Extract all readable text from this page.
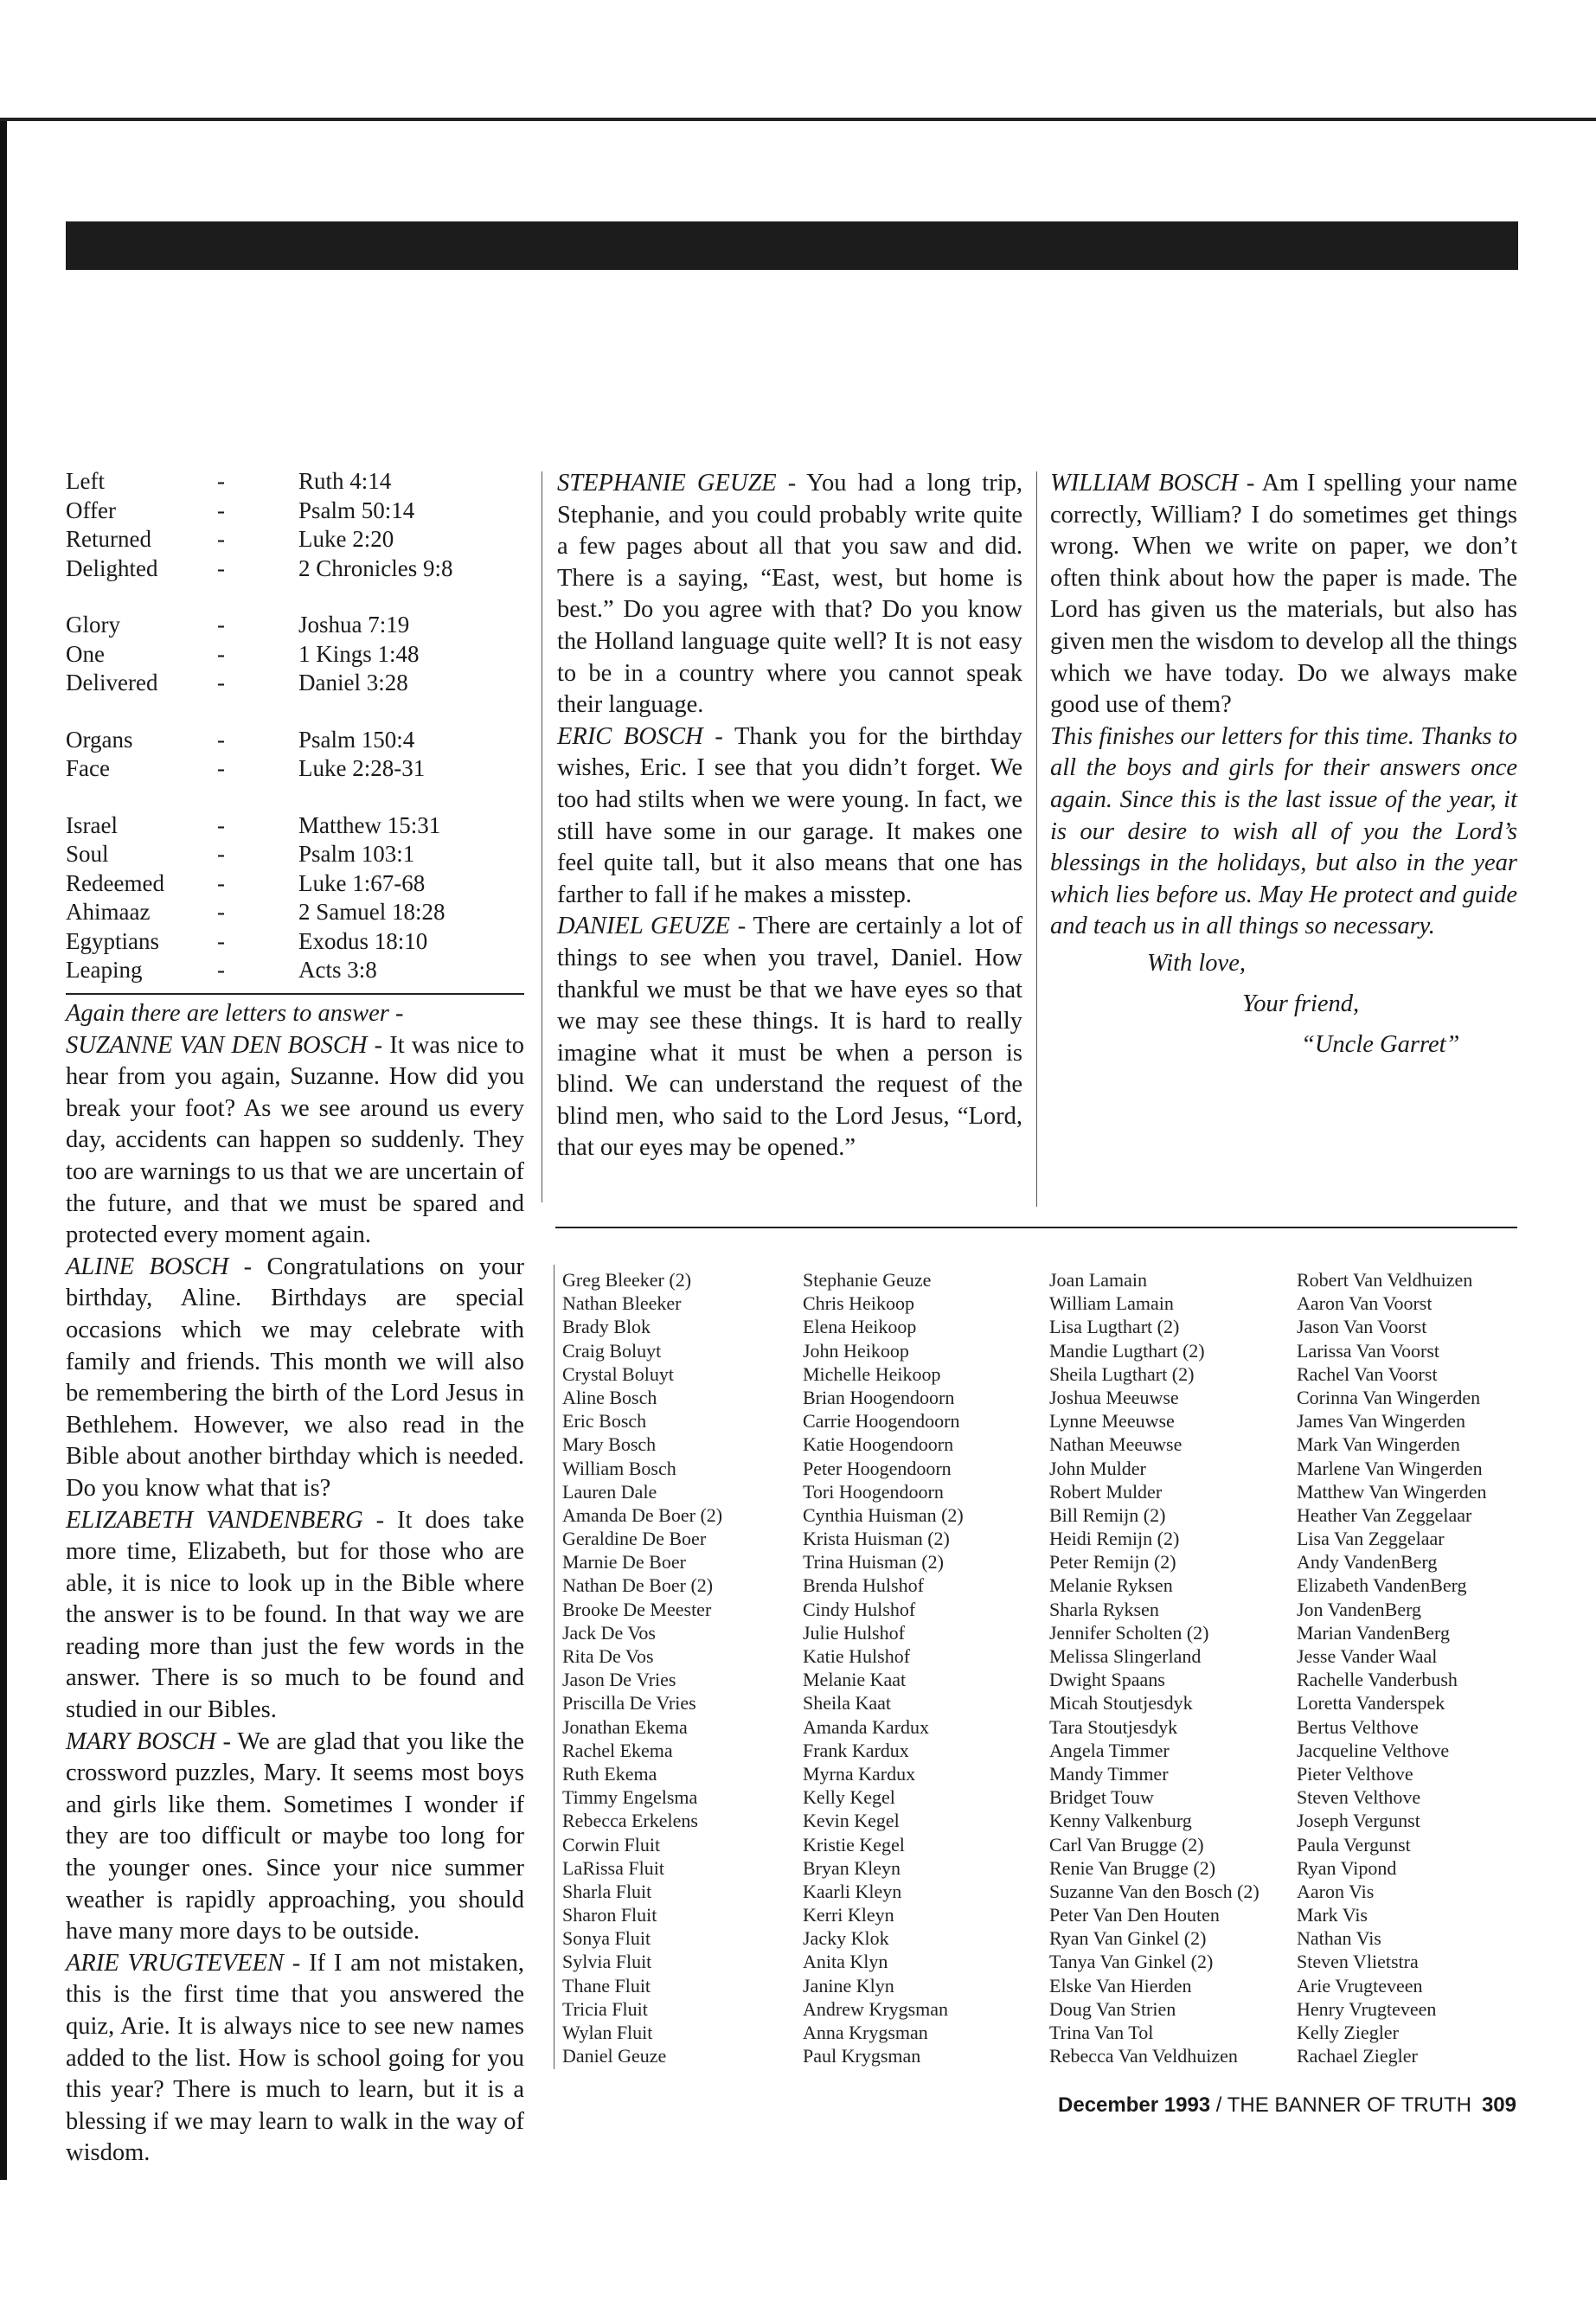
Left	-	Ruth 4:14
Offer	-	Psalm 50:14
Returned	-	Luke 2:20
Delighted	-	2 Chronicles 9:8
Glory	-	Joshua 7:19
One	-	1 Kings 1:48
Delivered	-	Daniel 3:28
Organs	-	Psalm 150:4
Face	-	Luke 2:28-31
Israel	-	Matthew 15:31
Soul	-	Psalm 103:1
Redeemed	-	Luke 1:67-68
Ahimaaz	-	2 Samuel 18:28
Egyptians	-	Exodus 18:10
Leaping	-	Acts 3:8

Again there are letters to answer -

SUZANNE VAN DEN BOSCH - It was nice to hear from you again, Suzanne. How did you break your foot? As we see around us every day, accidents can happen so suddenly. They too are warnings to us that we are uncertain of the future, and that we must be spared and protected every moment again.

ALINE BOSCH - Congratulations on your birthday, Aline. Birthdays are special occasions which we may celebrate with family and friends. This month we will also be remembering the birth of the Lord Jesus in Bethlehem. However, we also read in the Bible about another birthday which is needed. Do you know what that is?

ELIZABETH VANDENBERG - It does take more time, Elizabeth, but for those who are able, it is nice to look up in the Bible where the answer is to be found. In that way we are reading more than just the few words in the answer. There is so much to be found and studied in our Bibles.

MARY BOSCH - We are glad that you like the crossword puzzles, Mary. It seems most boys and girls like them. Sometimes I wonder if they are too difficult or maybe too long for the younger ones. Since your nice summer weather is rapidly approaching, you should have many more days to be outside.

ARIE VRUGTEVEEN - If I am not mistaken, this is the first time that you answered the quiz, Arie. It is always nice to see new names added to the list. How is school going for you this year? There is much to learn, but it is a blessing if we may learn to walk in the way of wisdom.

STEPHANIE GEUZE - You had a long trip, Stephanie, and you could probably write quite a few pages about all that you saw and did. There is a saying, “East, west, but home is best.” Do you agree with that? Do you know the Holland language quite well? It is not easy to be in a country where you cannot speak their language.

ERIC BOSCH - Thank you for the birthday wishes, Eric. I see that you didn’t forget. We too had stilts when we were young. In fact, we still have some in our garage. It makes one feel quite tall, but it also means that one has farther to fall if he makes a misstep.

DANIEL GEUZE - There are certainly a lot of things to see when you travel, Daniel. How thankful we must be that we have eyes so that we may see these things. It is hard to really imagine what it must be when a person is blind. We can understand the request of the blind men, who said to the Lord Jesus, “Lord, that our eyes may be opened.”

WILLIAM BOSCH - Am I spelling your name correctly, William? I do sometimes get things wrong. When we write on paper, we don’t often think about how the paper is made. The Lord has given us the materials, but also has given men the wisdom to develop all the things which we have today. Do we always make good use of them?

This finishes our letters for this time. Thanks to all the boys and girls for their answers once again. Since this is the last issue of the year, it is our desire to wish all of you the Lord’s blessings in the holidays, but also in the year which lies before us. May He protect and guide and teach us in all things so necessary.

With love,
Your friend,
“Uncle Garret”
Greg Bleeker (2)
Nathan Bleeker
Brady Blok
Craig Boluyt
Crystal Boluyt
Aline Bosch
Eric Bosch
Mary Bosch
William Bosch
Lauren Dale
Amanda De Boer (2)
Geraldine De Boer
Marnie De Boer
Nathan De Boer (2)
Brooke De Meester
Jack De Vos
Rita De Vos
Jason De Vries
Priscilla De Vries
Jonathan Ekema
Rachel Ekema
Ruth Ekema
Timmy Engelsma
Rebecca Erkelens
Corwin Fluit
LaRissa Fluit
Sharla Fluit
Sharon Fluit
Sonya Fluit
Sylvia Fluit
Thane Fluit
Tricia Fluit
Wylan Fluit
Daniel Geuze
Stephanie Geuze
Chris Heikoop
Elena Heikoop
John Heikoop
Michelle Heikoop
Brian Hoogendoorn
Carrie Hoogendoorn
Katie Hoogendoorn
Peter Hoogendoorn
Tori Hoogendoorn
Cynthia Huisman (2)
Krista Huisman (2)
Trina Huisman (2)
Brenda Hulshof
Cindy Hulshof
Julie Hulshof
Katie Hulshof
Melanie Kaat
Sheila Kaat
Amanda Kardux
Frank Kardux
Myrna Kardux
Kelly Kegel
Kevin Kegel
Kristie Kegel
Bryan Kleyn
Kaarli Kleyn
Kerri Kleyn
Jacky Klok
Anita Klyn
Janine Klyn
Andrew Krygsman
Anna Krygsman
Paul Krygsman
Joan Lamain
William Lamain
Lisa Lugthart (2)
Mandie Lugthart (2)
Sheila Lugthart (2)
Joshua Meeuwse
Lynne Meeuwse
Nathan Meeuwse
John Mulder
Robert Mulder
Bill Remijn (2)
Heidi Remijn (2)
Peter Remijn (2)
Melanie Ryksen
Sharla Ryksen
Jennifer Scholten (2)
Melissa Slingerland
Dwight Spaans
Micah Stoutjesdyk
Tara Stoutjesdyk
Angela Timmer
Mandy Timmer
Bridget Touw
Kenny Valkenburg
Carl Van Brugge (2)
Renie Van Brugge (2)
Suzanne Van den Bosch (2)
Peter Van Den Houten
Ryan Van Ginkel (2)
Tanya Van Ginkel (2)
Elske Van Hierden
Doug Van Strien
Trina Van Tol
Rebecca Van Veldhuizen
Robert Van Veldhuizen
Aaron Van Voorst
Jason Van Voorst
Larissa Van Voorst
Rachel Van Voorst
Corinna Van Wingerden
James Van Wingerden
Mark Van Wingerden
Marlene Van Wingerden
Matthew Van Wingerden
Heather Van Zeggelaar
Lisa Van Zeggelaar
Andy VandenBerg
Elizabeth VandenBerg
Jon VandenBerg
Marian VandenBerg
Jesse Vander Waal
Rachelle Vanderbush
Loretta Vanderspek
Bertus Velthove
Jacqueline Velthove
Pieter Velthove
Steven Velthove
Joseph Vergunst
Paula Vergunst
Ryan Vipond
Aaron Vis
Mark Vis
Nathan Vis
Steven Vlietstra
Arie Vrugteveen
Henry Vrugteveen
Kelly Ziegler
Rachael Ziegler
December 1993 / THE BANNER OF TRUTH 309
